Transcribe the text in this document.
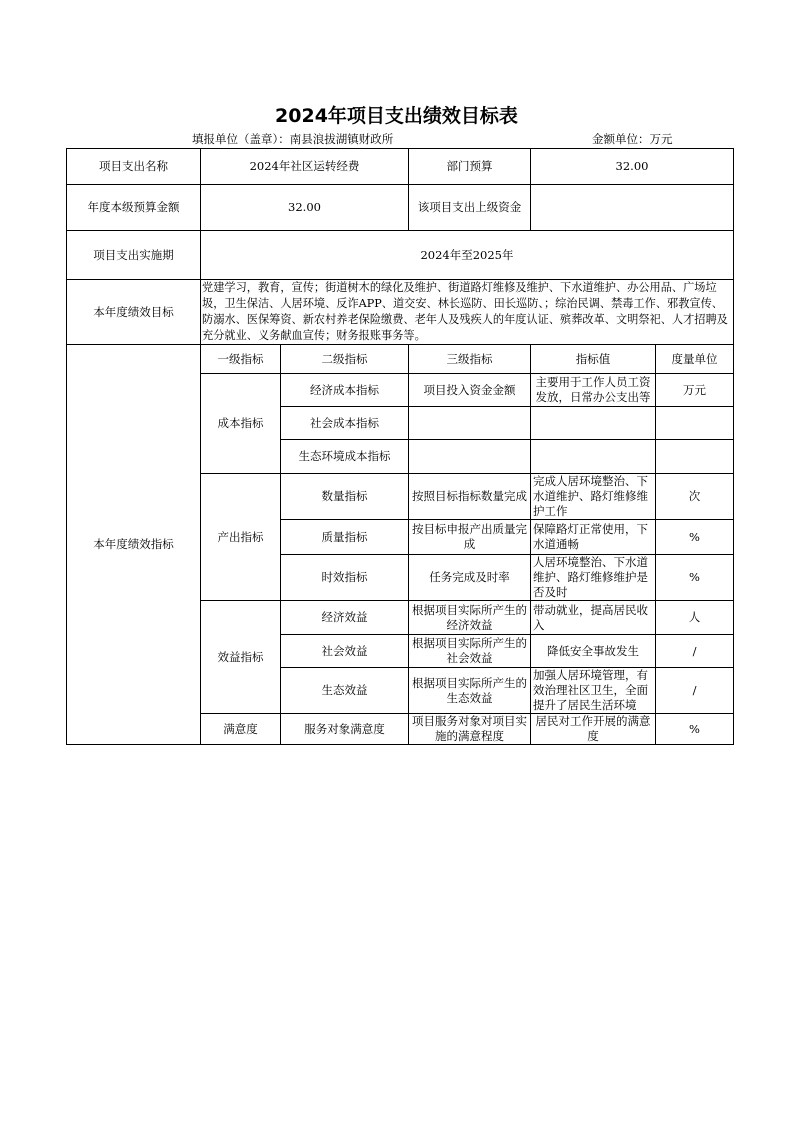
2024年项目支出绩效目标表
填报单位（盖章）：南县浪拔湖镇财政所	金额单位：万元
项目支出名称	2024年社区运转经费		部门预算	32.00	
年度本级预算金额	32.00		该项目支出上级资金		
项目支出实施期	2024年至2025年				
本年度绩效目标	党建学习，教育，宣传；街道树木的绿化及维护、街道路灯维修及维护、下水道维护、办公用品、广场垃圾，卫生保洁、人居环境、反诈APP、道交安、林长巡防、田长巡防、；综治民调、禁毒工作、邪教宣传、防溺水、医保筹资、新农村养老保险缴费、老年人及残疾人的年度认证、殡葬改革、文明祭祀、人才招聘及充分就业、义务献血宣传；财务报账事务等。				
本年度绩效指标	一级指标	二级指标	三级指标	指标值	度量单位
	成本指标	经济成本指标	项目投入资金金额	主要用于工作人员工资发放，日常办公支出等	万元
		社会成本指标			
		生态环境成本指标			
	产出指标	数量指标	按照目标指标数量完成	完成人居环境整治、下水道维护、路灯维修维护工作	次
		质量指标	按目标申报产出质量完成	保障路灯正常使用，下水道通畅	%
		时效指标	任务完成及时率	人居环境整治、下水道维护、路灯维修维护是否及时	%
	效益指标	经济效益	根据项目实际所产生的经济效益	带动就业，提高居民收入	人
		社会效益	根据项目实际所产生的社会效益	降低安全事故发生	/
		生态效益	根据项目实际所产生的生态效益	加强人居环境管理，有效治理社区卫生，全面提升了居民生活环境	/
	满意度	服务对象满意度	项目服务对象对项目实施的满意程度	居民对工作开展的满意度	%
